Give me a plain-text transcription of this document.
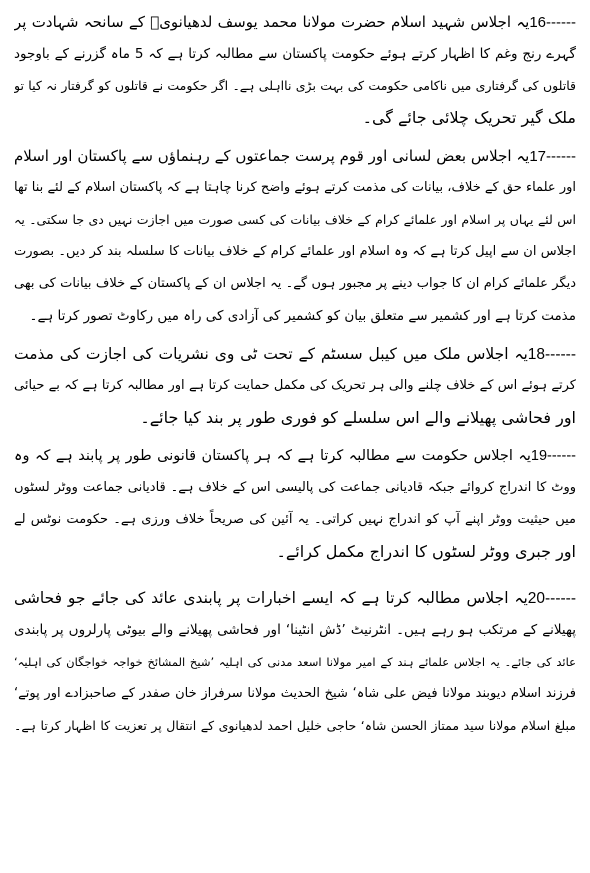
16------یہ اجلاس شہید اسلام حضرت مولانا محمد یوسف لدھیانویؒ کے سانحہ شہادت پر
گہرے رنج وغم کا اظہار کرتے ہوئے حکومت پاکستان سے مطالبہ کرتا ہے کہ 5 ماہ گزرنے کے باوجود
قاتلوں کی گرفتاری میں ناکامی حکومت کی بہت بڑی نااہلی ہے۔ اگر حکومت نے قاتلوں کو گرفتار نہ کیا تو
ملک گیر تحریک چلائی جائے گی۔
17------یہ اجلاس بعض لسانی اور قوم پرست جماعتوں کے رہنماؤں سے پاکستان اور اسلام
اور علماء حق کے خلاف، بیانات کی مذمت کرتے ہوئے واضح کرنا چاہتا ہے کہ پاکستان اسلام کے لئے بنا تھا
اس لئے یہاں پر اسلام اور علمائے کرام کے خلاف بیانات کی کسی صورت میں اجازت نہیں دی جا سکتی۔ یہ
اجلاس ان سے اپیل کرتا ہے کہ وہ اسلام اور علمائے کرام کے خلاف بیانات کا سلسلہ بند کر دیں۔ بصورت
دیگر علمائے کرام ان کا جواب دینے پر مجبور ہوں گے۔ یہ اجلاس ان کے پاکستان کے خلاف بیانات کی بھی
مذمت کرتا ہے اور کشمیر سے متعلق بیان کو کشمیر کی آزادی کی راہ میں رکاوٹ تصور کرتا ہے۔
18------یہ اجلاس ملک میں کیبل سسٹم کے تحت ٹی وی نشریات کی اجازت کی مذمت
کرتے ہوئے اس کے خلاف چلنے والی ہر تحریک کی مکمل حمایت کرتا ہے اور مطالبہ کرتا ہے کہ بے حیائی
اور فحاشی پھیلانے والے اس سلسلے کو فوری طور پر بند کیا جائے۔
19------یہ اجلاس حکومت سے مطالبہ کرتا ہے کہ ہر پاکستان قانونی طور پر پابند ہے کہ وہ
ووٹ کا اندراج کروائے جبکہ قادیانی جماعت کی پالیسی اس کے خلاف ہے۔ قادیانی جماعت ووٹر لسٹوں
میں حیثیت ووٹر اپنے آپ کو اندراج نہیں کراتی۔ یہ آئین کی صریحاً خلاف ورزی ہے۔ حکومت نوٹس لے
اور جبری ووٹر لسٹوں کا اندراج مکمل کرائے۔
20------یہ اجلاس مطالبہ کرتا ہے کہ ایسے اخبارات پر پابندی عائد کی جائے جو فحاشی
پھیلانے کے مرتکب ہو رہے ہیں۔ انٹرنیٹ ’ڈش انٹینا‘ اور فحاشی پھیلانے والے بیوٹی پارلروں پر پابندی
عائد کی جائے۔ یہ اجلاس علمائے ہند کے امیر مولانا اسعد مدنی کی اہلیہ ’شیخ المشائخ خواجہ خواجگان کی اہلیہ‘
فرزند اسلام دیوبند مولانا فیض علی شاہ‘ شیخ الحدیث مولانا سرفراز خان صفدر کے صاحبزادے اور پوتے‘
مبلغ اسلام مولانا سید ممتاز الحسن شاہ‘ حاجی خلیل احمد لدھیانوی کے انتقال پر تعزیت کا اظہار کرتا ہے۔
